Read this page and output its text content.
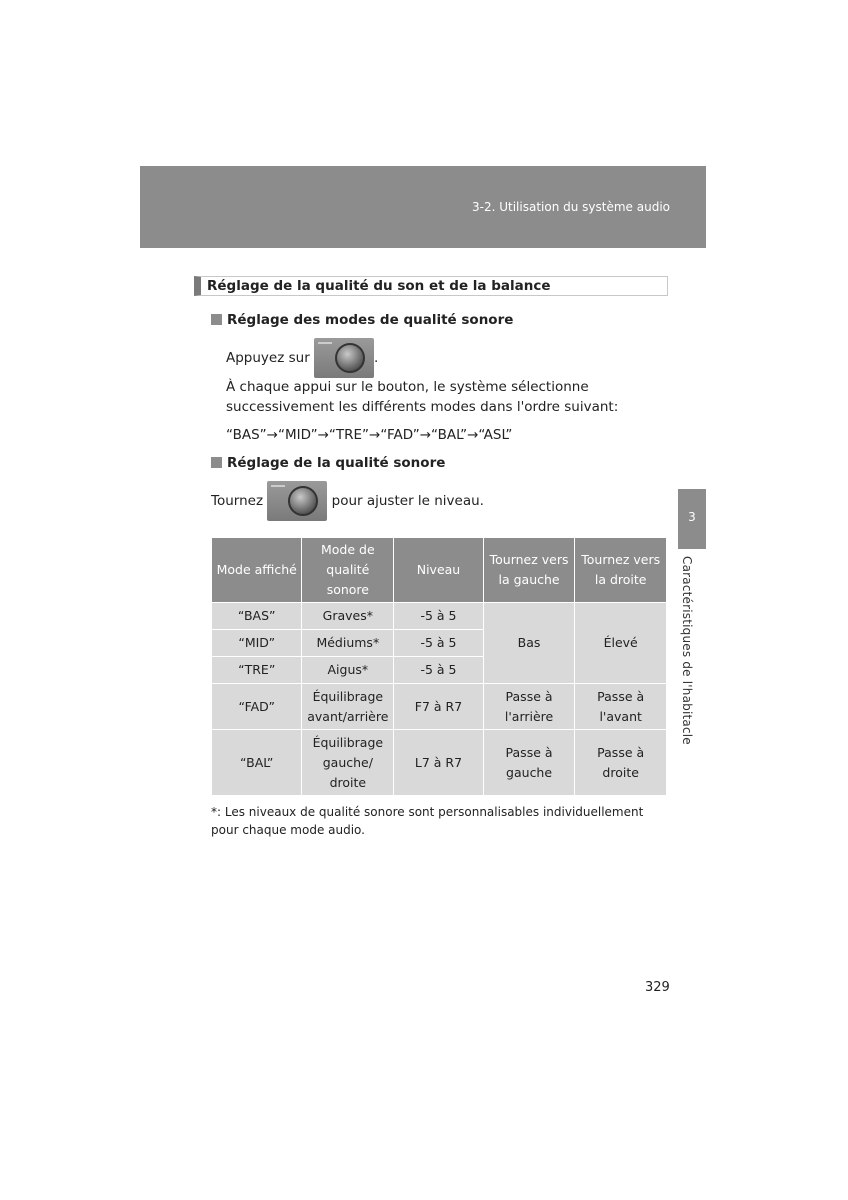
3-2. Utilisation du système audio
3
Caractéristiques de l'habitacle
Réglage de la qualité du son et de la balance
Réglage des modes de qualité sonore
Appuyez sur	.
À chaque appui sur le bouton, le système sélectionne successivement les différents modes dans l'ordre suivant:
“BAS”→“MID”→“TRE”→“FAD”→“BAL”→“ASL”
Réglage de la qualité sonore
Tournez	pour ajuster le niveau.
Mode affiché	Mode de qualité sonore	Niveau	Tournez vers la gauche	Tournez vers la droite
“BAS”	Graves*	-5 à 5	Bas	Élevé
“MID”	Médiums*	-5 à 5		
“TRE”	Aigus*	-5 à 5		
“FAD”	Équilibrage avant/arrière	F7 à R7	Passe à l'arrière	Passe à l'avant
“BAL”	Équilibrage gauche/ droite	L7 à R7	Passe à gauche	Passe à droite
*: Les niveaux de qualité sonore sont personnalisables individuellement pour chaque mode audio.
329
